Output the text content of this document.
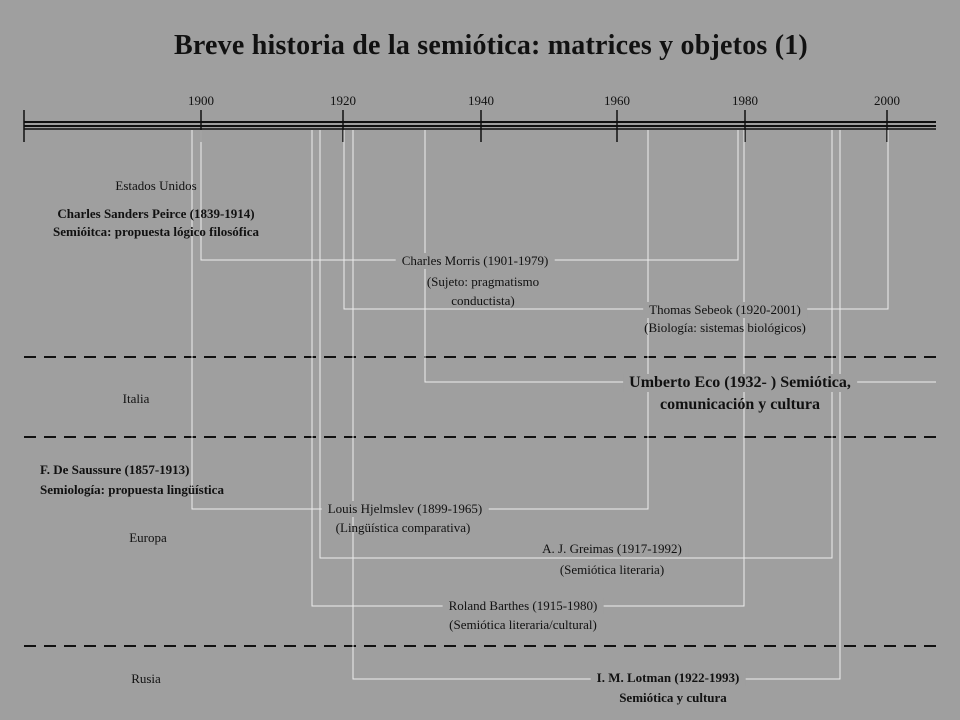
Breve historia de la semiótica: matrices y objetos (1)
1900	1920	1940	1960	1980	2000
Estados Unidos
Italia
Europa
Rusia
Charles Sanders Peirce (1839-1914)
Semióitca: propuesta lógico filosófica
Charles Morris (1901-1979)
(Sujeto: pragmatismo
conductista)
Thomas Sebeok (1920-2001)
(Biología: sistemas biológicos)
Umberto Eco (1932- ) Semiótica,
comunicación y cultura
F. De Saussure (1857-1913)
Semiología: propuesta lingüística
Louis Hjelmslev (1899-1965)
(Lingüística comparativa)
A. J. Greimas (1917-1992)
(Semiótica literaria)
Roland Barthes (1915-1980)
(Semiótica literaria/cultural)
I. M. Lotman (1922-1993)
Semiótica y cultura
